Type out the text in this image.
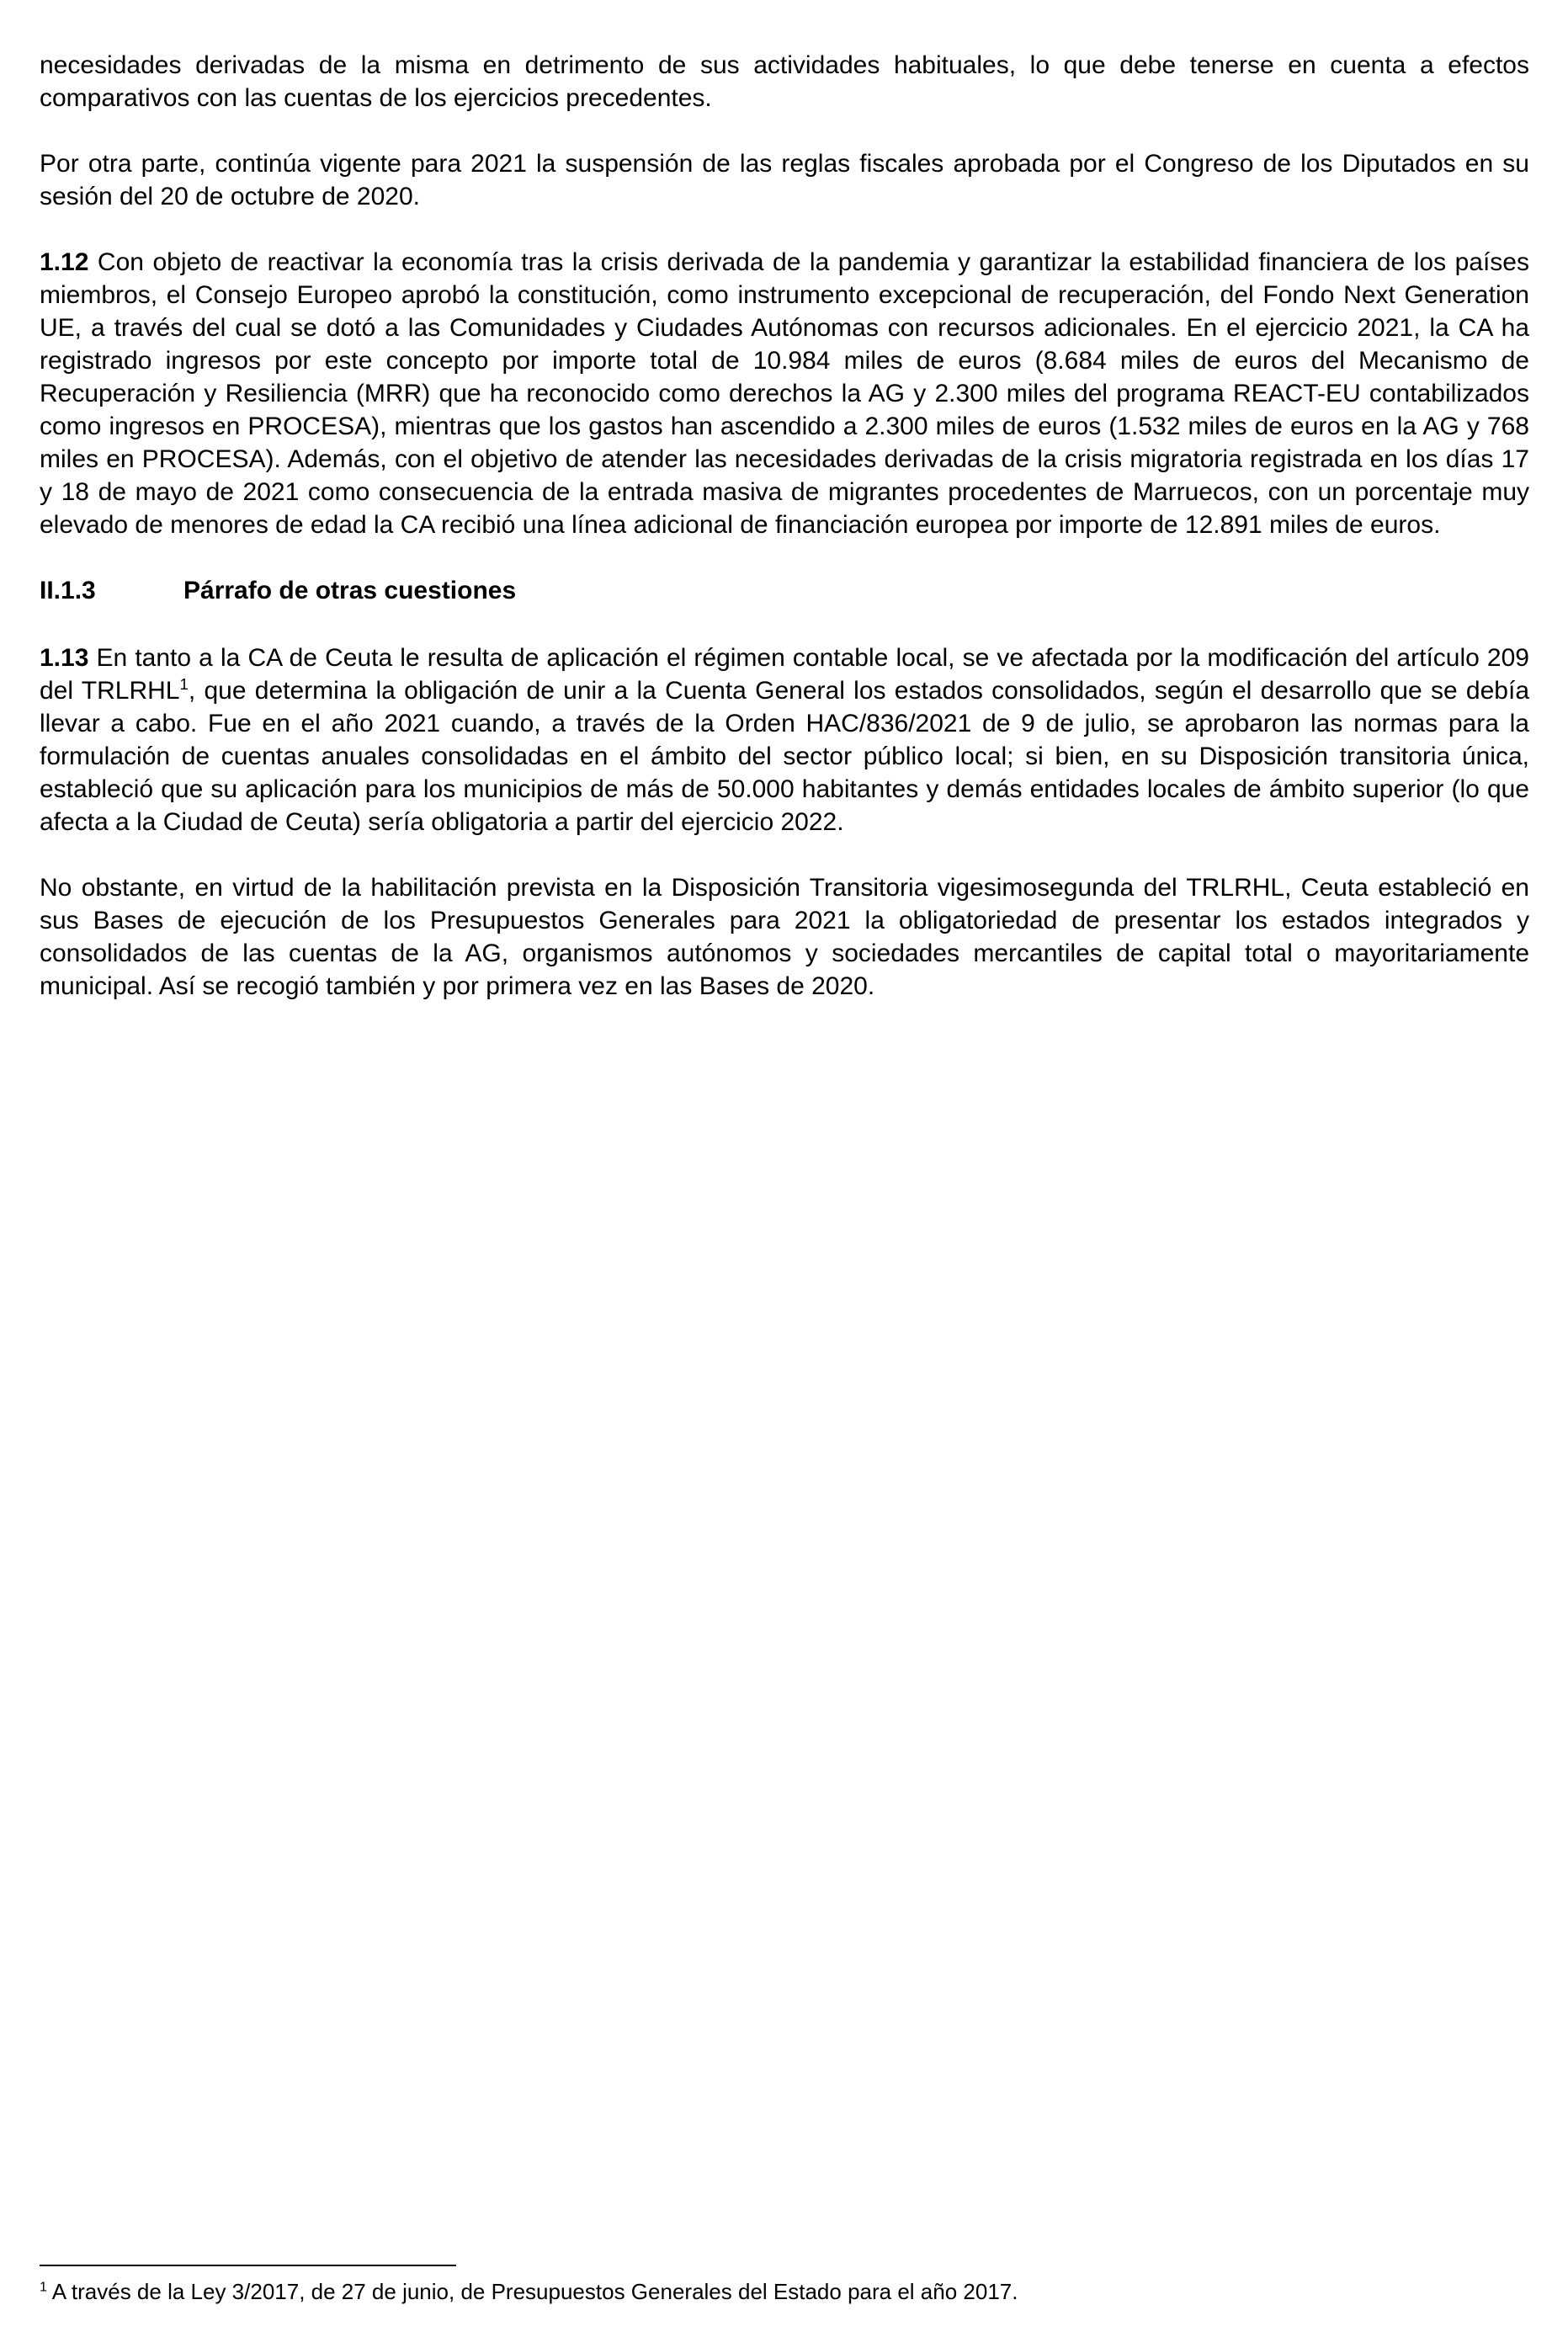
necesidades derivadas de la misma en detrimento de sus actividades habituales, lo que debe tenerse en cuenta a efectos comparativos con las cuentas de los ejercicios precedentes.

Por otra parte, continúa vigente para 2021 la suspensión de las reglas fiscales aprobada por el Congreso de los Diputados en su sesión del 20 de octubre de 2020.

1.12 Con objeto de reactivar la economía tras la crisis derivada de la pandemia y garantizar la estabilidad financiera de los países miembros, el Consejo Europeo aprobó la constitución, como instrumento excepcional de recuperación, del Fondo Next Generation UE, a través del cual se dotó a las Comunidades y Ciudades Autónomas con recursos adicionales. En el ejercicio 2021, la CA ha registrado ingresos por este concepto por importe total de 10.984 miles de euros (8.684 miles de euros del Mecanismo de Recuperación y Resiliencia (MRR) que ha reconocido como derechos la AG y 2.300 miles del programa REACT-EU contabilizados como ingresos en PROCESA), mientras que los gastos han ascendido a 2.300 miles de euros (1.532 miles de euros en la AG y 768 miles en PROCESA). Además, con el objetivo de atender las necesidades derivadas de la crisis migratoria registrada en los días 17 y 18 de mayo de 2021 como consecuencia de la entrada masiva de migrantes procedentes de Marruecos, con un porcentaje muy elevado de menores de edad la CA recibió una línea adicional de financiación europea por importe de 12.891 miles de euros.

II.1.3	Párrafo de otras cuestiones

1.13 En tanto a la CA de Ceuta le resulta de aplicación el régimen contable local, se ve afectada por la modificación del artículo 209 del TRLRHL$^1$, que determina la obligación de unir a la Cuenta General los estados consolidados, según el desarrollo que se debía llevar a cabo. Fue en el año 2021 cuando, a través de la Orden HAC/836/2021 de 9 de julio, se aprobaron las normas para la formulación de cuentas anuales consolidadas en el ámbito del sector público local; si bien, en su Disposición transitoria única, estableció que su aplicación para los municipios de más de 50.000 habitantes y demás entidades locales de ámbito superior (lo que afecta a la Ciudad de Ceuta) sería obligatoria a partir del ejercicio 2022.

No obstante, en virtud de la habilitación prevista en la Disposición Transitoria vigesimosegunda del TRLRHL, Ceuta estableció en sus Bases de ejecución de los Presupuestos Generales para 2021 la obligatoriedad de presentar los estados integrados y consolidados de las cuentas de la AG, organismos autónomos y sociedades mercantiles de capital total o mayoritariamente municipal. Así se recogió también y por primera vez en las Bases de 2020.

$^1$ A través de la Ley 3/2017, de 27 de junio, de Presupuestos Generales del Estado para el año 2017.
